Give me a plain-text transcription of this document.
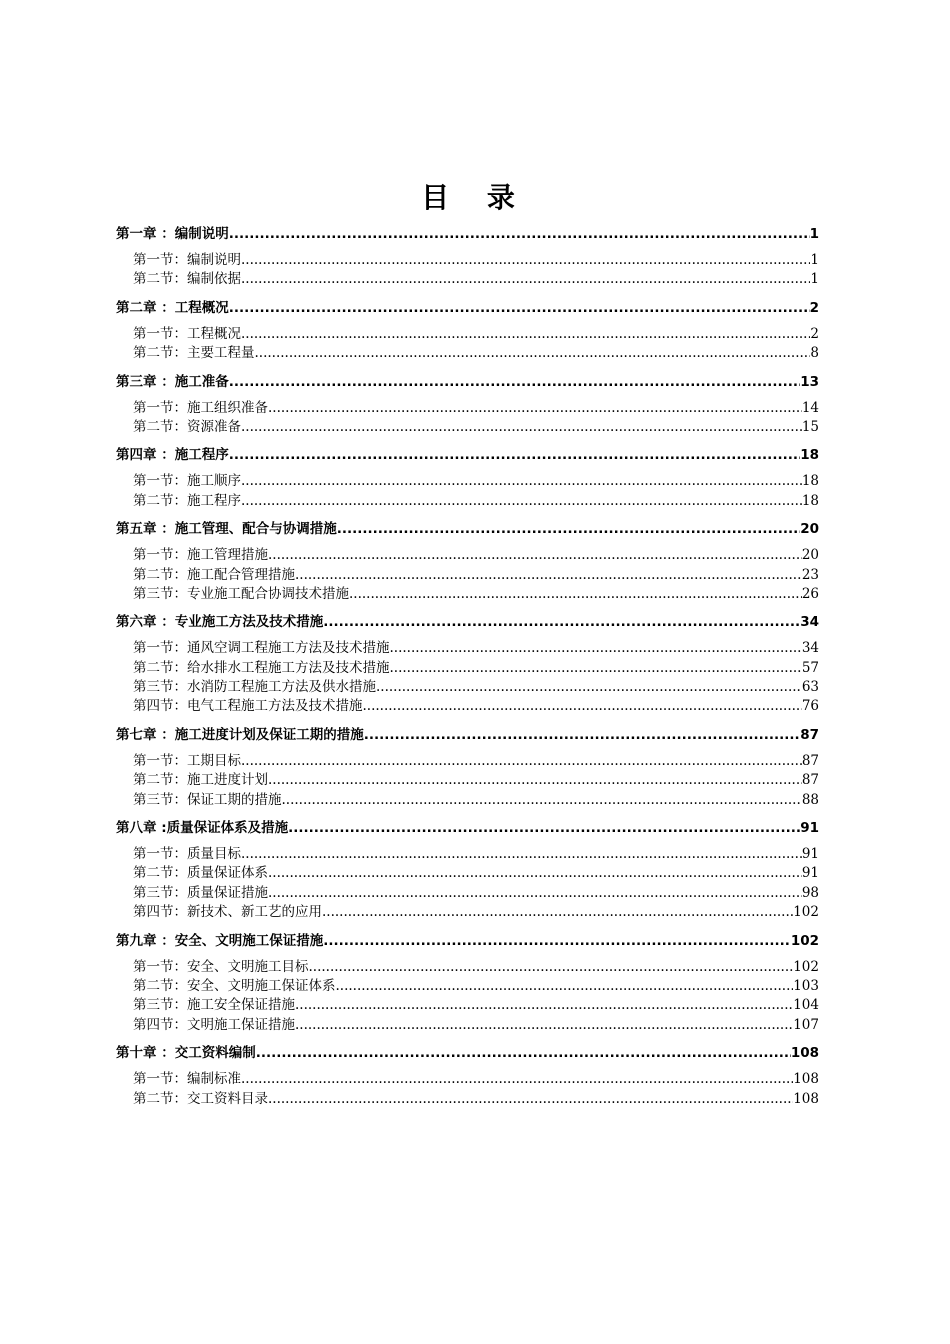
目 录
第一章 ：编制说明 .....	1
第一节：编制说明 .....	1
第二节：编制依据 .....	1
第二章 ：工程概况 .....	2
第一节：工程概况 .....	2
第二节：主要工程量 .....	8
第三章 ：施工准备 .....	13
第一节：施工组织准备 .....	14
第二节：资源准备 .....	15
第四章 ：施工程序 .....	18
第一节：施工顺序 .....	18
第二节：施工程序 .....	18
第五章 ：施工管理、配合与协调措施 .....	20
第一节：施工管理措施 .....	20
第二节：施工配合管理措施 .....	23
第三节：专业施工配合协调技术措施 .....	26
第六章 ：专业施工方法及技术措施 .....	34
第一节：通风空调工程施工方法及技术措施 .....	34
第二节：给水排水工程施工方法及技术措施 .....	57
第三节：水消防工程施工方法及供水措施 .....	63
第四节：电气工程施工方法及技术措施 .....	76
第七章 ：施工进度计划及保证工期的措施 .....	87
第一节：工期目标 .....	87
第二节：施工进度计划 .....	87
第三节：保证工期的措施 .....	88
第八章 :质量保证体系及措施 .....	91
第一节：质量目标 .....	91
第二节：质量保证体系 .....	91
第三节：质量保证措施 .....	98
第四节：新技术、新工艺的应用 .....	102
第九章 ：安全、文明施工保证措施 .....	102
第一节：安全、文明施工目标 .....	102
第二节：安全、文明施工保证体系 .....	103
第三节：施工安全保证措施 .....	104
第四节：文明施工保证措施 .....	107
第十章 ：交工资料编制 .....	108
第一节：编制标准 .....	108
第二节：交工资料目录 .....	108
